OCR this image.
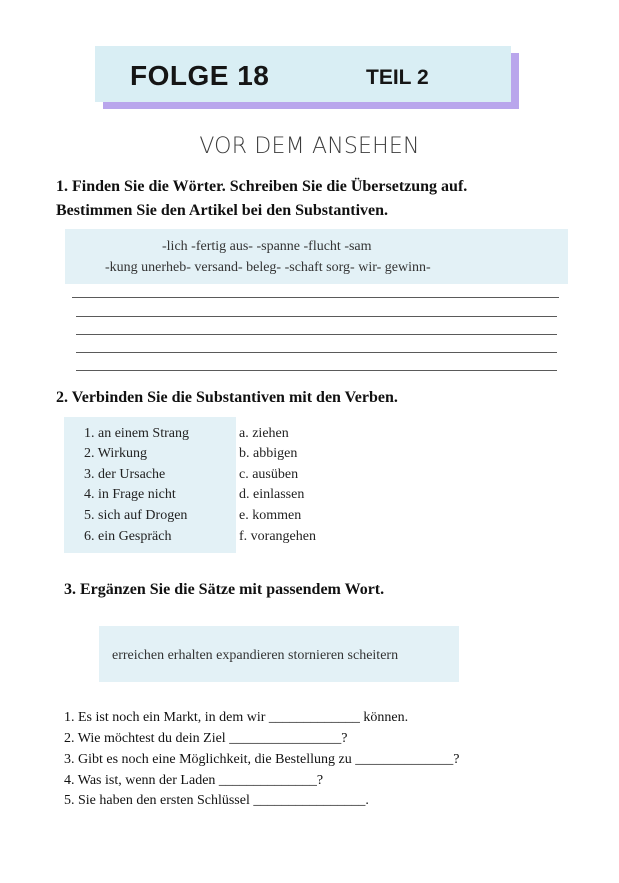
FOLGE 18	TEIL 2
VOR DEM ANSEHEN
1. Finden Sie die Wörter. Schreiben Sie die Übersetzung auf.
Bestimmen Sie den Artikel bei den Substantiven.
-lich -fertig aus- -spanne -flucht -sam
-kung unerheb- versand- beleg- -schaft sorg- wir- gewinn-
2. Verbinden Sie die Substantiven mit den Verben.
1. an einem Strang
2. Wirkung
3. der Ursache
4. in Frage nicht
5. sich auf Drogen
6. ein Gespräch
a. ziehen
b. abbigen
c. ausüben
d. einlassen
e. kommen
f. vorangehen
3. Ergänzen Sie die Sätze mit passendem Wort.
erreichen erhalten expandieren stornieren scheitern
1. Es ist noch ein Markt, in dem wir _____________ können.
2. Wie möchtest du dein Ziel ________________?
3. Gibt es noch eine Möglichkeit, die Bestellung zu ______________?
4. Was ist, wenn der Laden ______________?
5. Sie haben den ersten Schlüssel ________________.
